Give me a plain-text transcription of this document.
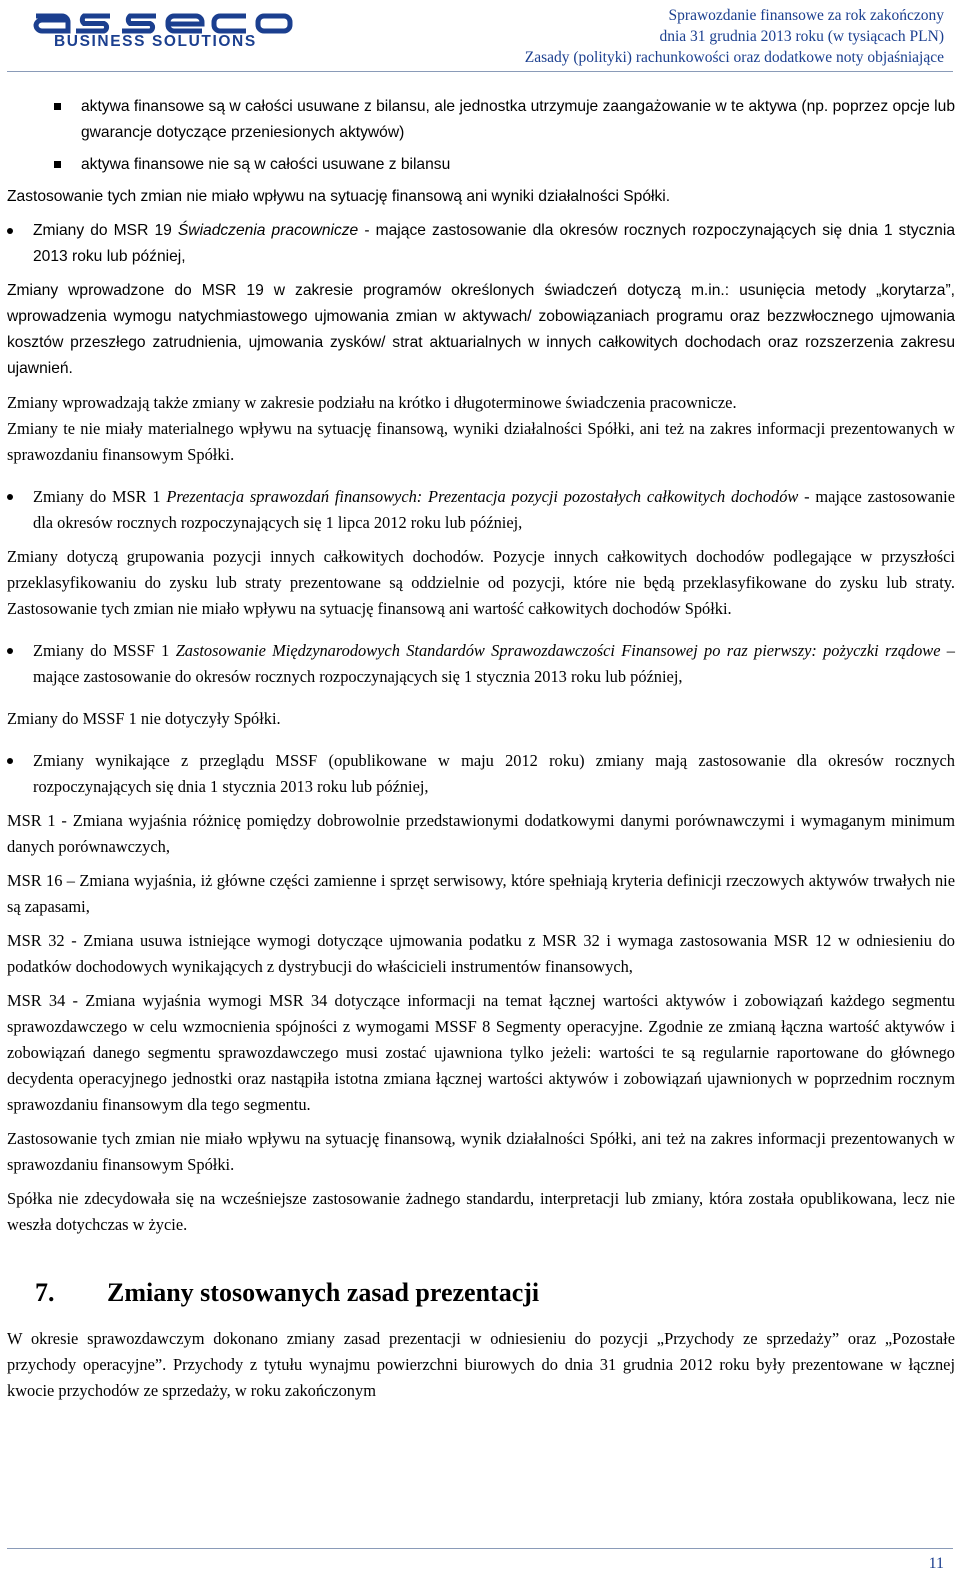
BUSINESS SOLUTIONS
Sprawozdanie finansowe za rok zakończony
dnia 31 grudnia 2013 roku (w tysiącach PLN)
Zasady (polityki) rachunkowości oraz dodatkowe noty objaśniające

aktywa finansowe są w całości usuwane z bilansu, ale jednostka utrzymuje zaangażowanie w te aktywa (np. poprzez opcje lub gwarancje dotyczące przeniesionych aktywów)

aktywa finansowe nie są w całości usuwane z bilansu

Zastosowanie tych zmian nie miało wpływu na sytuację finansową ani wyniki działalności Spółki.

Zmiany do MSR 19 Świadczenia pracownicze - mające zastosowanie dla okresów rocznych rozpoczynających się dnia 1 stycznia 2013 roku lub później,

Zmiany wprowadzone do MSR 19 w zakresie programów określonych świadczeń dotyczą m.in.: usunięcia metody „korytarza”, wprowadzenia wymogu natychmiastowego ujmowania zmian w aktywach/ zobowiązaniach programu oraz bezzwłocznego ujmowania kosztów przeszłego zatrudnienia, ujmowania zysków/ strat aktuarialnych w innych całkowitych dochodach oraz rozszerzenia zakresu ujawnień.

Zmiany wprowadzają także zmiany w zakresie podziału na krótko i długoterminowe świadczenia pracownicze.

Zmiany te nie miały materialnego wpływu na sytuację finansową, wyniki działalności Spółki, ani też na zakres informacji prezentowanych w sprawozdaniu finansowym Spółki.

Zmiany do MSR 1 Prezentacja sprawozdań finansowych: Prezentacja pozycji pozostałych całkowitych dochodów - mające zastosowanie dla okresów rocznych rozpoczynających się 1 lipca 2012 roku lub później,

Zmiany dotyczą grupowania pozycji innych całkowitych dochodów. Pozycje innych całkowitych dochodów podlegające w przyszłości przeklasyfikowaniu do zysku lub straty prezentowane są oddzielnie od pozycji, które nie będą przeklasyfikowane do zysku lub straty. Zastosowanie tych zmian nie miało wpływu na sytuację finansową ani wartość całkowitych dochodów Spółki.

Zmiany do MSSF 1 Zastosowanie Międzynarodowych Standardów Sprawozdawczości Finansowej po raz pierwszy: pożyczki rządowe – mające zastosowanie do okresów rocznych rozpoczynających się 1 stycznia 2013 roku lub później,

Zmiany do MSSF 1 nie dotyczyły Spółki.

Zmiany wynikające z przeglądu MSSF (opublikowane w maju 2012 roku) zmiany mają zastosowanie dla okresów rocznych rozpoczynających się dnia 1 stycznia 2013 roku lub później,

MSR 1 - Zmiana wyjaśnia różnicę pomiędzy dobrowolnie przedstawionymi dodatkowymi danymi porównawczymi i wymaganym minimum danych porównawczych,

MSR 16 – Zmiana wyjaśnia, iż główne części zamienne i sprzęt serwisowy, które spełniają kryteria definicji rzeczowych aktywów trwałych nie są zapasami,

MSR 32 - Zmiana usuwa istniejące wymogi dotyczące ujmowania podatku z MSR 32 i wymaga zastosowania MSR 12 w odniesieniu do podatków dochodowych wynikających z dystrybucji do właścicieli instrumentów finansowych,

MSR 34 - Zmiana wyjaśnia wymogi MSR 34 dotyczące informacji na temat łącznej wartości aktywów i zobowiązań każdego segmentu sprawozdawczego w celu wzmocnienia spójności z wymogami MSSF 8 Segmenty operacyjne. Zgodnie ze zmianą łączna wartość aktywów i zobowiązań danego segmentu sprawozdawczego musi zostać ujawniona tylko jeżeli: wartości te są regularnie raportowane do głównego decydenta operacyjnego jednostki oraz nastąpiła istotna zmiana łącznej wartości aktywów i zobowiązań ujawnionych w poprzednim rocznym sprawozdaniu finansowym dla tego segmentu.

Zastosowanie tych zmian nie miało wpływu na sytuację finansową, wynik działalności Spółki, ani też na zakres informacji prezentowanych w sprawozdaniu finansowym Spółki.

Spółka nie zdecydowała się na wcześniejsze zastosowanie żadnego standardu, interpretacji lub zmiany, która została opublikowana, lecz nie weszła dotychczas w życie.

7. Zmiany stosowanych zasad prezentacji

W okresie sprawozdawczym dokonano zmiany zasad prezentacji w odniesieniu do pozycji „Przychody ze sprzedaży” oraz „Pozostałe przychody operacyjne”. Przychody z tytułu wynajmu powierzchni biurowych do dnia 31 grudnia 2012 roku były prezentowane w łącznej kwocie przychodów ze sprzedaży, w roku zakończonym

11
